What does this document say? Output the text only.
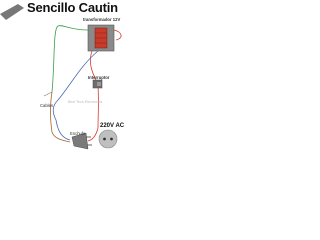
Sencillo Cautin
transformador 12V
Interruptor
Cables
Enchufe
220V AC
Best Tech Electronics
